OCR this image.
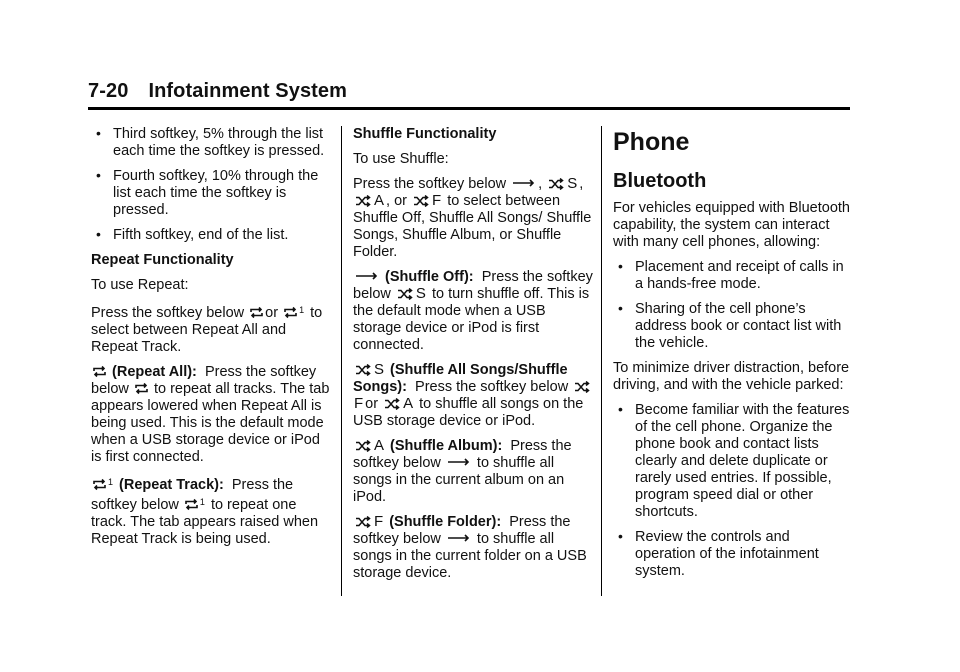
7-20 Infotainment System
• Third softkey, 5% through the list each time the softkey is pressed.
• Fourth softkey, 10% through the list each time the softkey is pressed.
• Fifth softkey, end of the list.

Repeat Functionality

To use Repeat:

Press the softkey below or $^1$ to select between Repeat All and Repeat Track.

(Repeat All): Press the softkey below to repeat all tracks. The tab appears lowered when Repeat All is being used. This is the default mode when a USB storage device or iPod is first connected.

$^1$ (Repeat Track): Press the softkey below $^1$ to repeat one track. The tab appears raised when Repeat Track is being used.

Shuffle Functionality

To use Shuffle:

Press the softkey below , S ,
A , or F to select between Shuffle Off, Shuffle All Songs/ Shuffle Songs, Shuffle Album, or Shuffle Folder.

(Shuffle Off): Press the softkey below S to turn shuffle off. This is the default mode when a USB storage device or iPod is first connected.

S (Shuffle All Songs/Shuffle Songs): Press the softkey below
F or A to shuffle all songs on the USB storage device or iPod.

A (Shuffle Album): Press the softkey below to shuffle all songs in the current album on an iPod.

F (Shuffle Folder): Press the softkey below to shuffle all songs in the current folder on a USB storage device.

Phone
Bluetooth

For vehicles equipped with Bluetooth capability, the system can interact with many cell phones, allowing:

• Placement and receipt of calls in a hands-free mode.
• Sharing of the cell phone’s address book or contact list with the vehicle.

To minimize driver distraction, before driving, and with the vehicle parked:

• Become familiar with the features of the cell phone. Organize the phone book and contact lists clearly and delete duplicate or rarely used entries. If possible, program speed dial or other shortcuts.
• Review the controls and operation of the infotainment system.
